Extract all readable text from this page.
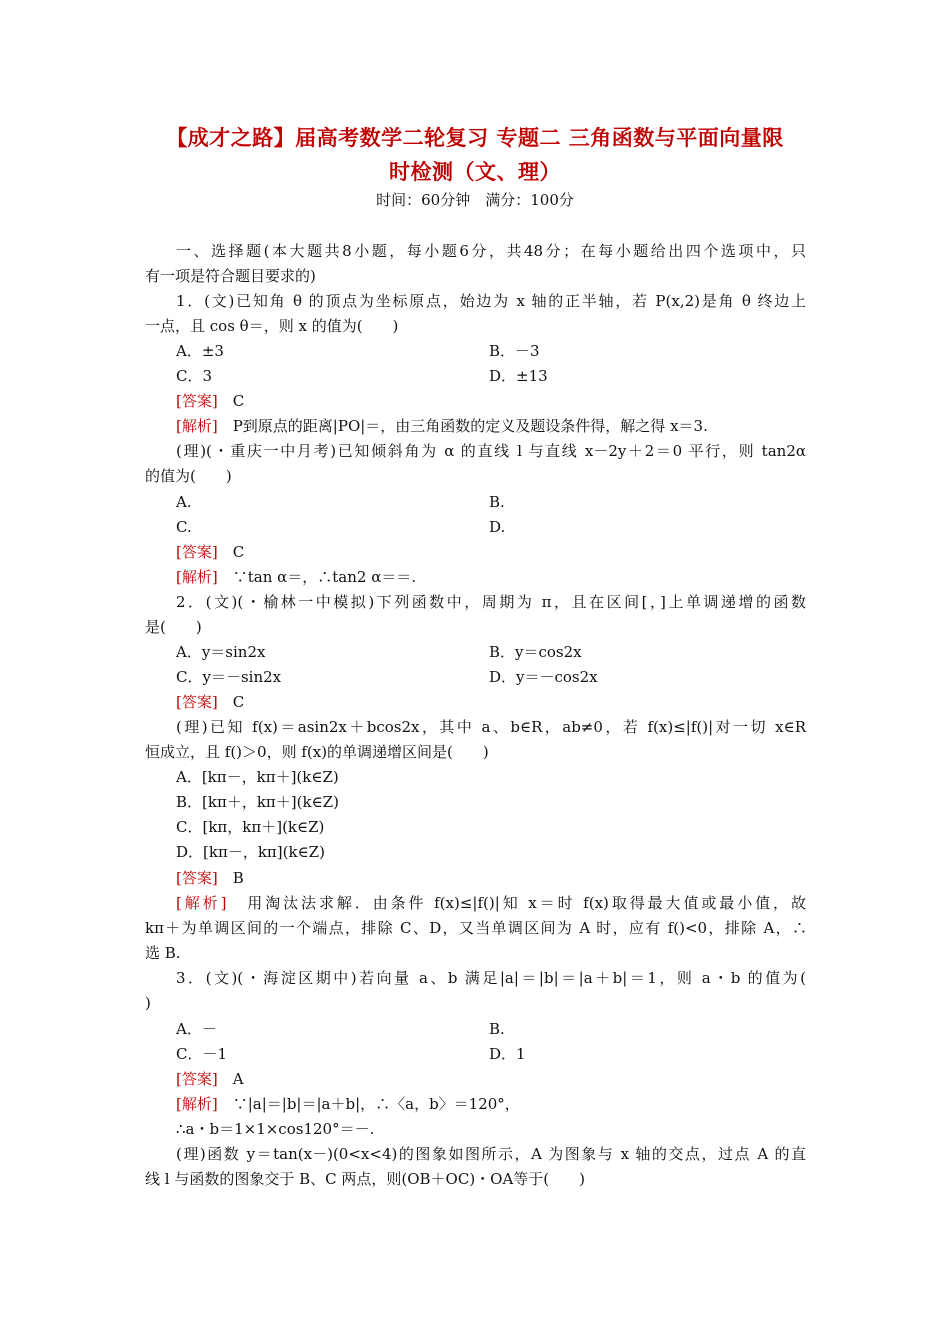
【成才之路】届高考数学二轮复习 专题二 三角函数与平面向量限
时检测（文、理）
时间：60分钟　满分：100分
一、选择题(本大题共8小题，每小题6分，共48分；在每小题给出四个选项中，只
有一项是符合题目要求的)
1．(文)已知角 θ 的顶点为坐标原点，始边为 x 轴的正半轴，若 P(x,2)是角 θ 终边上
一点，且 cos θ＝，则 x 的值为(　　)
A．±3	B．－3
C．3	D．±13
[答案]　C
[解析]　P到原点的距离|PO|＝，由三角函数的定义及题设条件得，解之得 x＝3.
(理)(・重庆一中月考)已知倾斜角为 α 的直线 l 与直线 x－2y＋2＝0 平行，则 tan2α
的值为(　　)
A.	B.
C.	D.
[答案]　C
[解析]　∵tan α＝，∴tan2 α＝＝.
2．(文)(・榆林一中模拟)下列函数中，周期为 π，且在区间[，]上单调递增的函数
是(　　)
A．y＝sin2x	B．y＝cos2x
C．y＝－sin2x	D．y＝－cos2x
[答案]　C
(理)已知 f(x)＝asin2x＋bcos2x，其中 a、b∈R，ab≠0，若 f(x)≤|f()|对一切 x∈R
恒成立，且 f()＞0，则 f(x)的单调递增区间是(　　)
A．[kπ－，kπ＋](k∈Z)
B．[kπ＋，kπ＋](k∈Z)
C．[kπ，kπ＋](k∈Z)
D．[kπ－，kπ](k∈Z)
[答案]　B
[解析]　用淘汰法求解．由条件 f(x)≤|f()|知 x＝时 f(x)取得最大值或最小值，故
kπ＋为单调区间的一个端点，排除 C、D，又当单调区间为 A 时，应有 f()<0，排除 A，∴
选 B.
3．(文)(・海淀区期中)若向量 a、b 满足|a|＝|b|＝|a＋b|＝1，则 a・b 的值为(
)
A．－	B.
C．－1	D．1
[答案]　A
[解析]　∵|a|＝|b|＝|a＋b|，∴〈a，b〉＝120°，
∴a・b＝1×1×cos120°＝－.
(理)函数 y＝tan(x－)(0<x<4)的图象如图所示，A 为图象与 x 轴的交点，过点 A 的直
线 l 与函数的图象交于 B、C 两点，则(OB＋OC)・OA等于(　　)
